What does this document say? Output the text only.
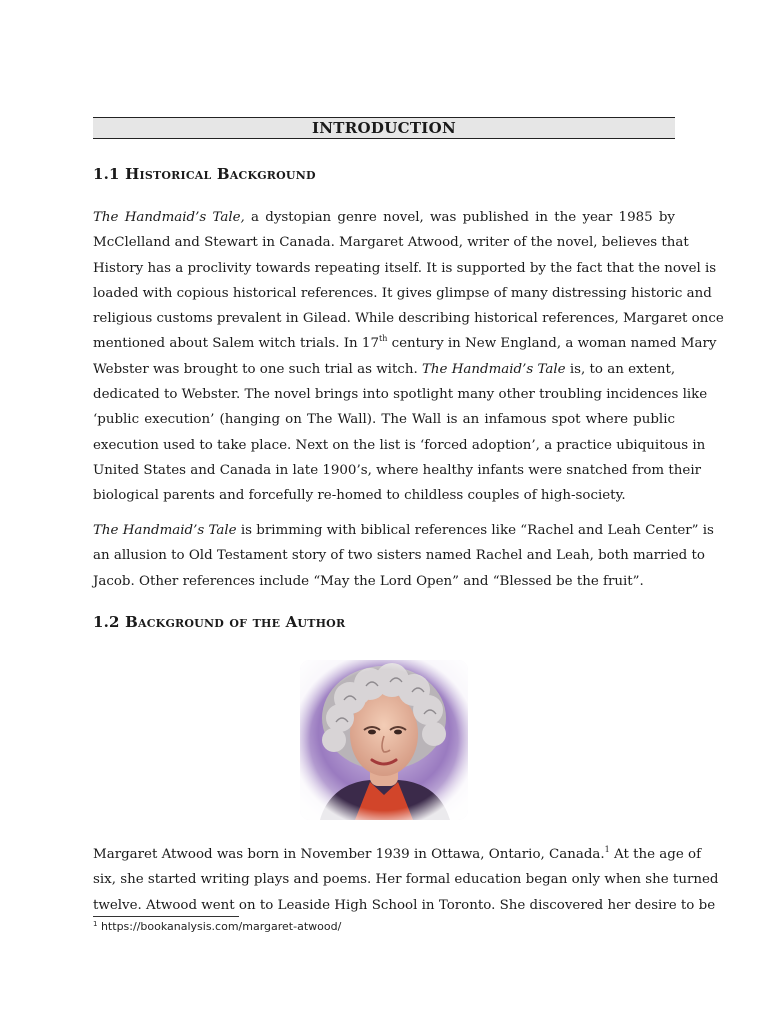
INTRODUCTION
1.1 Historical Background

The Handmaid’s Tale, a dystopian genre novel, was published in the year 1985 by
McClelland and Stewart in Canada. Margaret Atwood, writer of the novel, believes that
History has a proclivity towards repeating itself. It is supported by the fact that the novel is
loaded with copious historical references. It gives glimpse of many distressing historic and
religious customs prevalent in Gilead. While describing historical references, Margaret once
mentioned about Salem witch trials. In 17th century in New England, a woman named Mary
Webster was brought to one such trial as witch. The Handmaid’s Tale is, to an extent,
dedicated to Webster. The novel brings into spotlight many other troubling incidences like
‘public execution’ (hanging on The Wall). The Wall is an infamous spot where public
execution used to take place. Next on the list is ‘forced adoption’, a practice ubiquitous in
United States and Canada in late 1900’s, where healthy infants were snatched from their
biological parents and forcefully re-homed to childless couples of high-society.

The Handmaid’s Tale is brimming with biblical references like “Rachel and Leah Center” is
an allusion to Old Testament story of two sisters named Rachel and Leah, both married to
Jacob. Other references include “May the Lord Open” and “Blessed be the fruit”.

1.2 Background of the Author

Margaret Atwood was born in November 1939 in Ottawa, Ontario, Canada.$^1$ At the age of
six, she started writing plays and poems. Her formal education began only when she turned
twelve. Atwood went on to Leaside High School in Toronto. She discovered her desire to be

$^1$ https://bookanalysis.com/margaret-atwood/
